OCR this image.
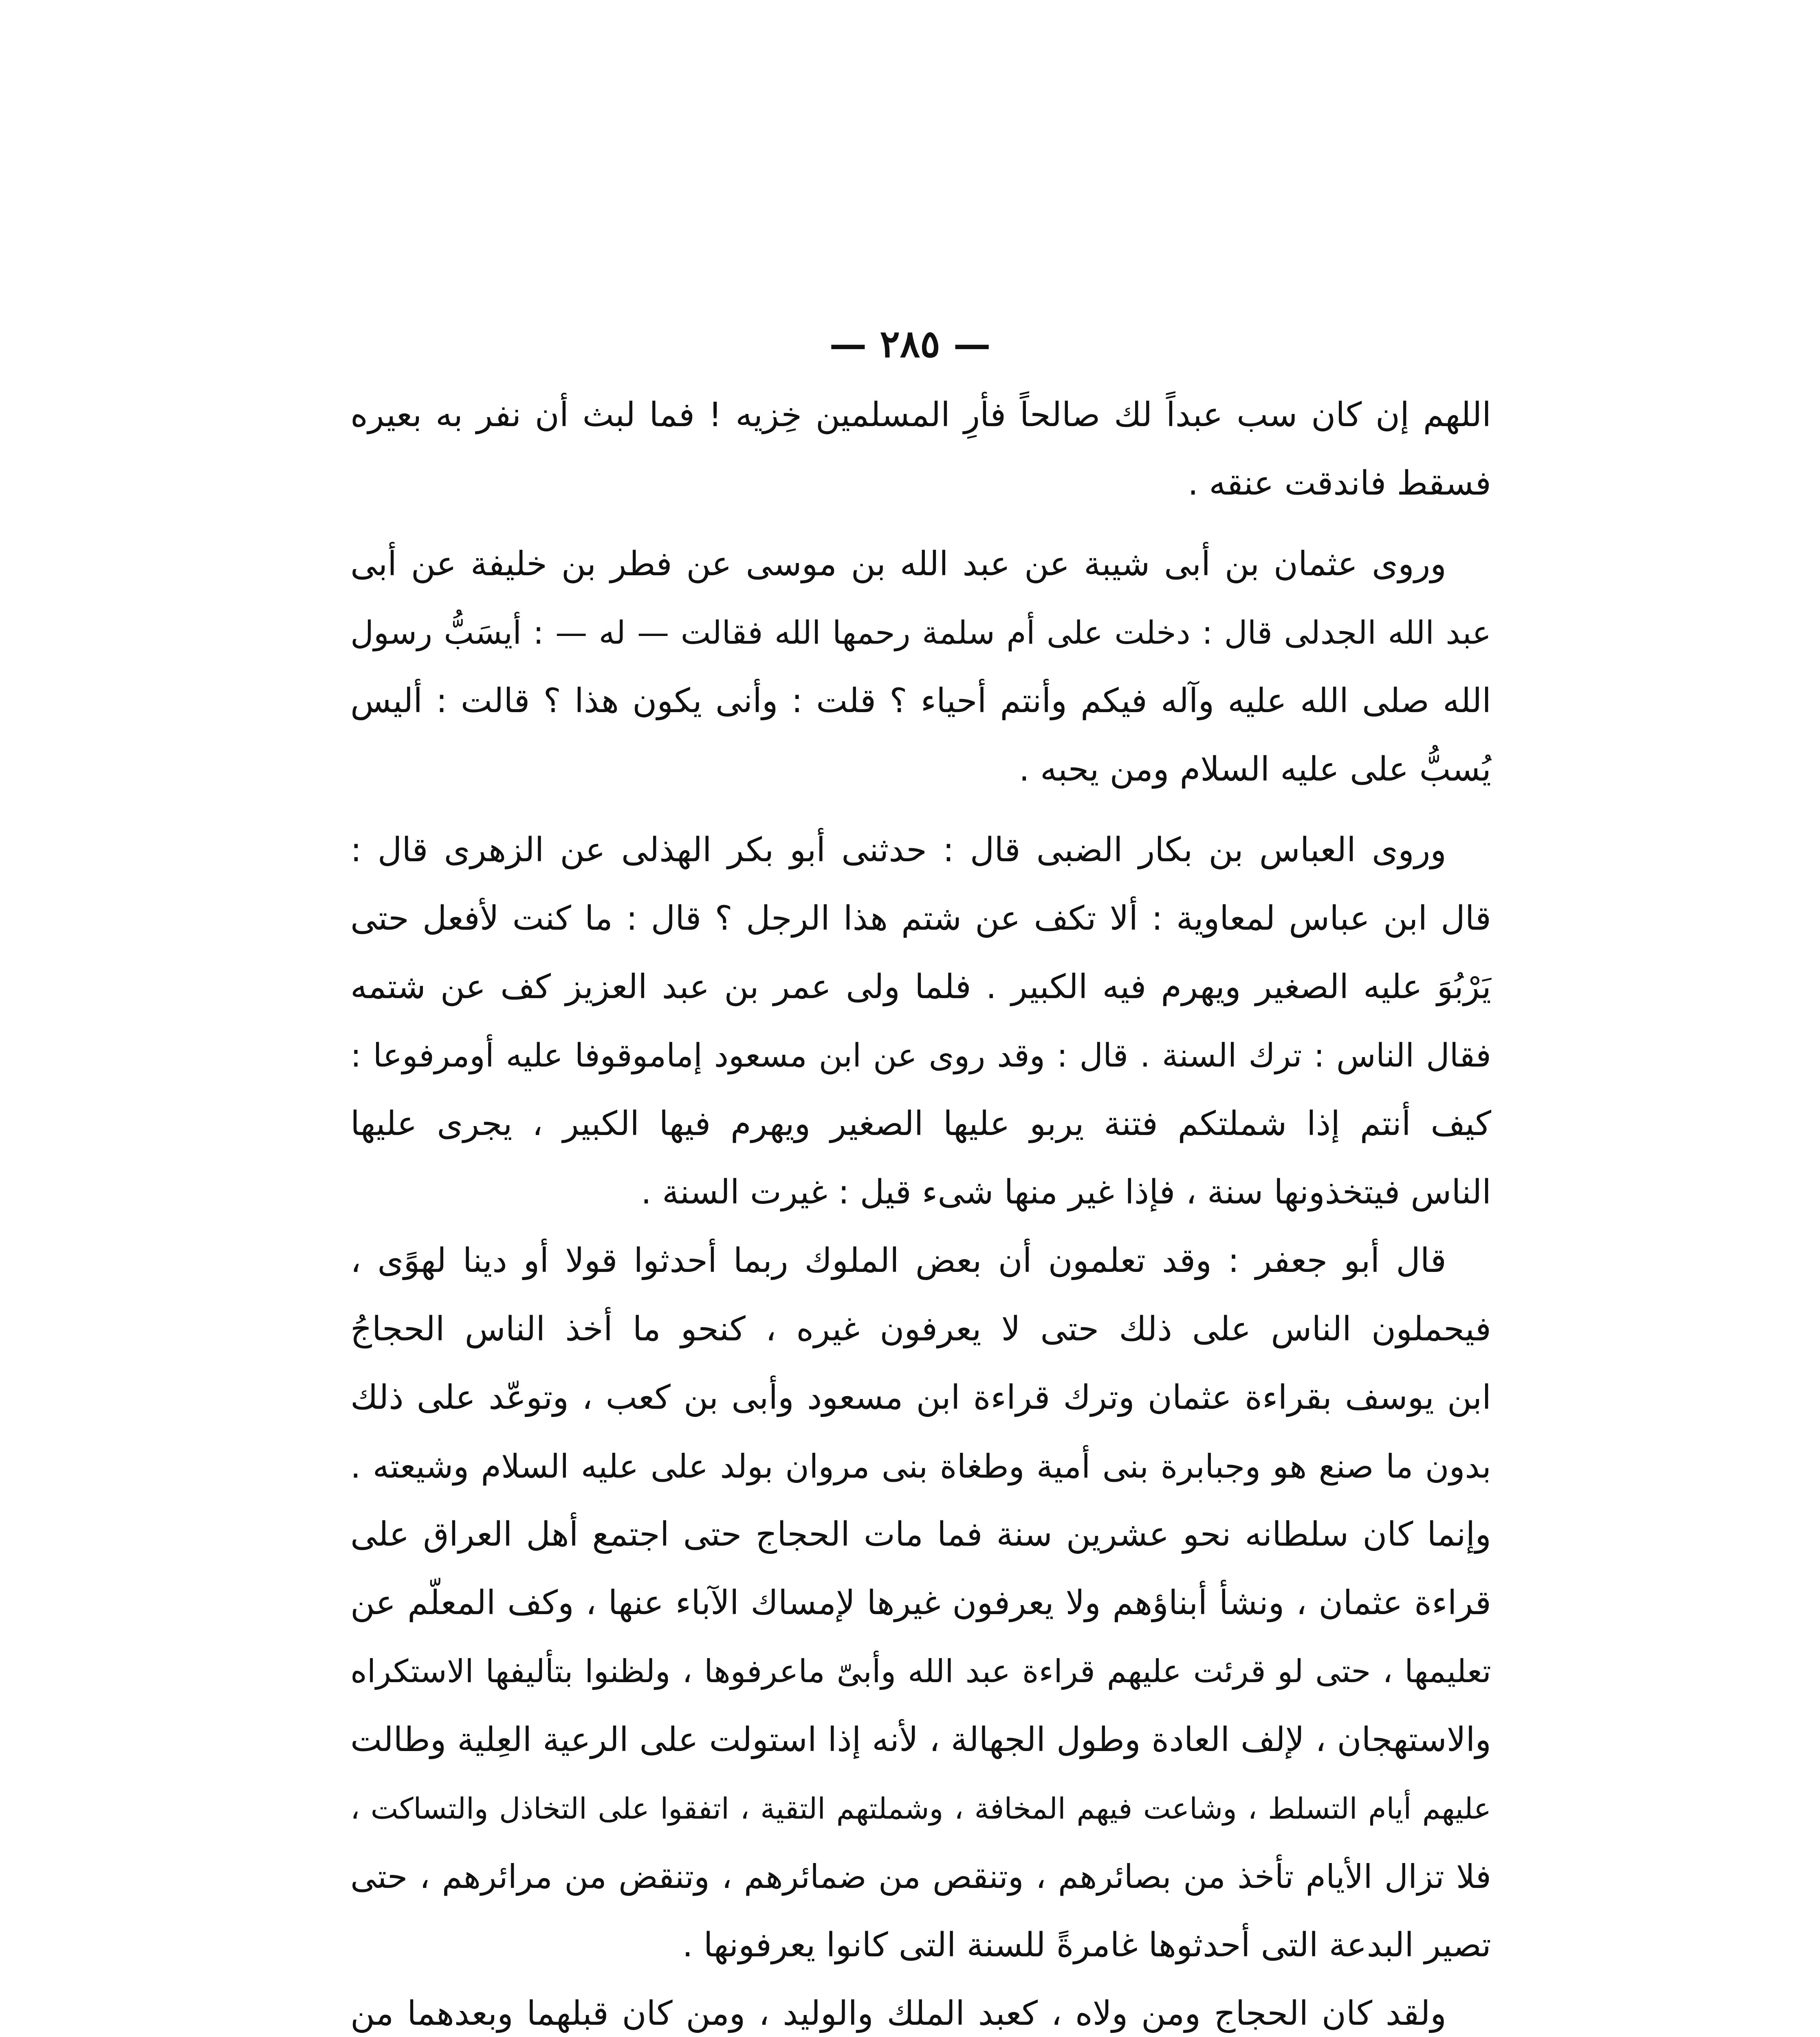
— ٢٨٥ —
اللهم إن كان سب عبداً لك صالحاً فأرِ المسلمين خِزيه ! فما لبث أن نفر به بعيره
فسقط فاندقت عنقه .
وروى عثمان بن أبى شيبة عن عبد الله بن موسى عن فطر بن خليفة عن أبى
عبد الله الجدلى قال : دخلت على أم سلمة رحمها الله فقالت — له — : أيسَبُّ رسول
الله صلى الله عليه وآله فيكم وأنتم أحياء ؟ قلت : وأنى يكون هذا ؟ قالت : أليس
يُسبُّ على عليه السلام ومن يحبه .
وروى العباس بن بكار الضبى قال : حدثنى أبو بكر الهذلى عن الزهرى قال :
قال ابن عباس لمعاوية : ألا تكف عن شتم هذا الرجل ؟ قال : ما كنت لأفعل حتى
يَرْبُوَ عليه الصغير ويهرم فيه الكبير . فلما ولى عمر بن عبد العزيز كف عن شتمه
فقال الناس : ترك السنة . قال : وقد روى عن ابن مسعود إماموقوفا عليه أومرفوعا :
كيف أنتم إذا شملتكم فتنة يربو عليها الصغير ويهرم فيها الكبير ، يجرى عليها
الناس فيتخذونها سنة ، فإذا غير منها شىء قيل : غيرت السنة .
قال أبو جعفر : وقد تعلمون أن بعض الملوك ربما أحدثوا قولا أو دينا لهوًى ،
فيحملون الناس على ذلك حتى لا يعرفون غيره ، كنحو ما أخذ الناس الحجاجُ
ابن يوسف بقراءة عثمان وترك قراءة ابن مسعود وأبى بن كعب ، وتوعّد على ذلك
بدون ما صنع هو وجبابرة بنى أمية وطغاة بنى مروان بولد على عليه السلام وشيعته .
وإنما كان سلطانه نحو عشرين سنة فما مات الحجاج حتى اجتمع أهل العراق على
قراءة عثمان ، ونشأ أبناؤهم ولا يعرفون غيرها لإمساك الآباء عنها ، وكف المعلّم عن
تعليمها ، حتى لو قرئت عليهم قراءة عبد الله وأبىّ ماعرفوها ، ولظنوا بتأليفها الاستكراه
والاستهجان ، لإلف العادة وطول الجهالة ، لأنه إذا استولت على الرعية العِلية وطالت
عليهم أيام التسلط ، وشاعت فيهم المخافة ، وشملتهم التقية ، اتفقوا على التخاذل والتساكت ،
فلا تزال الأيام تأخذ من بصائرهم ، وتنقص من ضمائرهم ، وتنقض من مرائرهم ، حتى
تصير البدعة التى أحدثوها غامرةً للسنة التى كانوا يعرفونها .
ولقد كان الحجاج ومن ولاه ، كعبد الملك والوليد ، ومن كان قبلهما وبعدهما من
